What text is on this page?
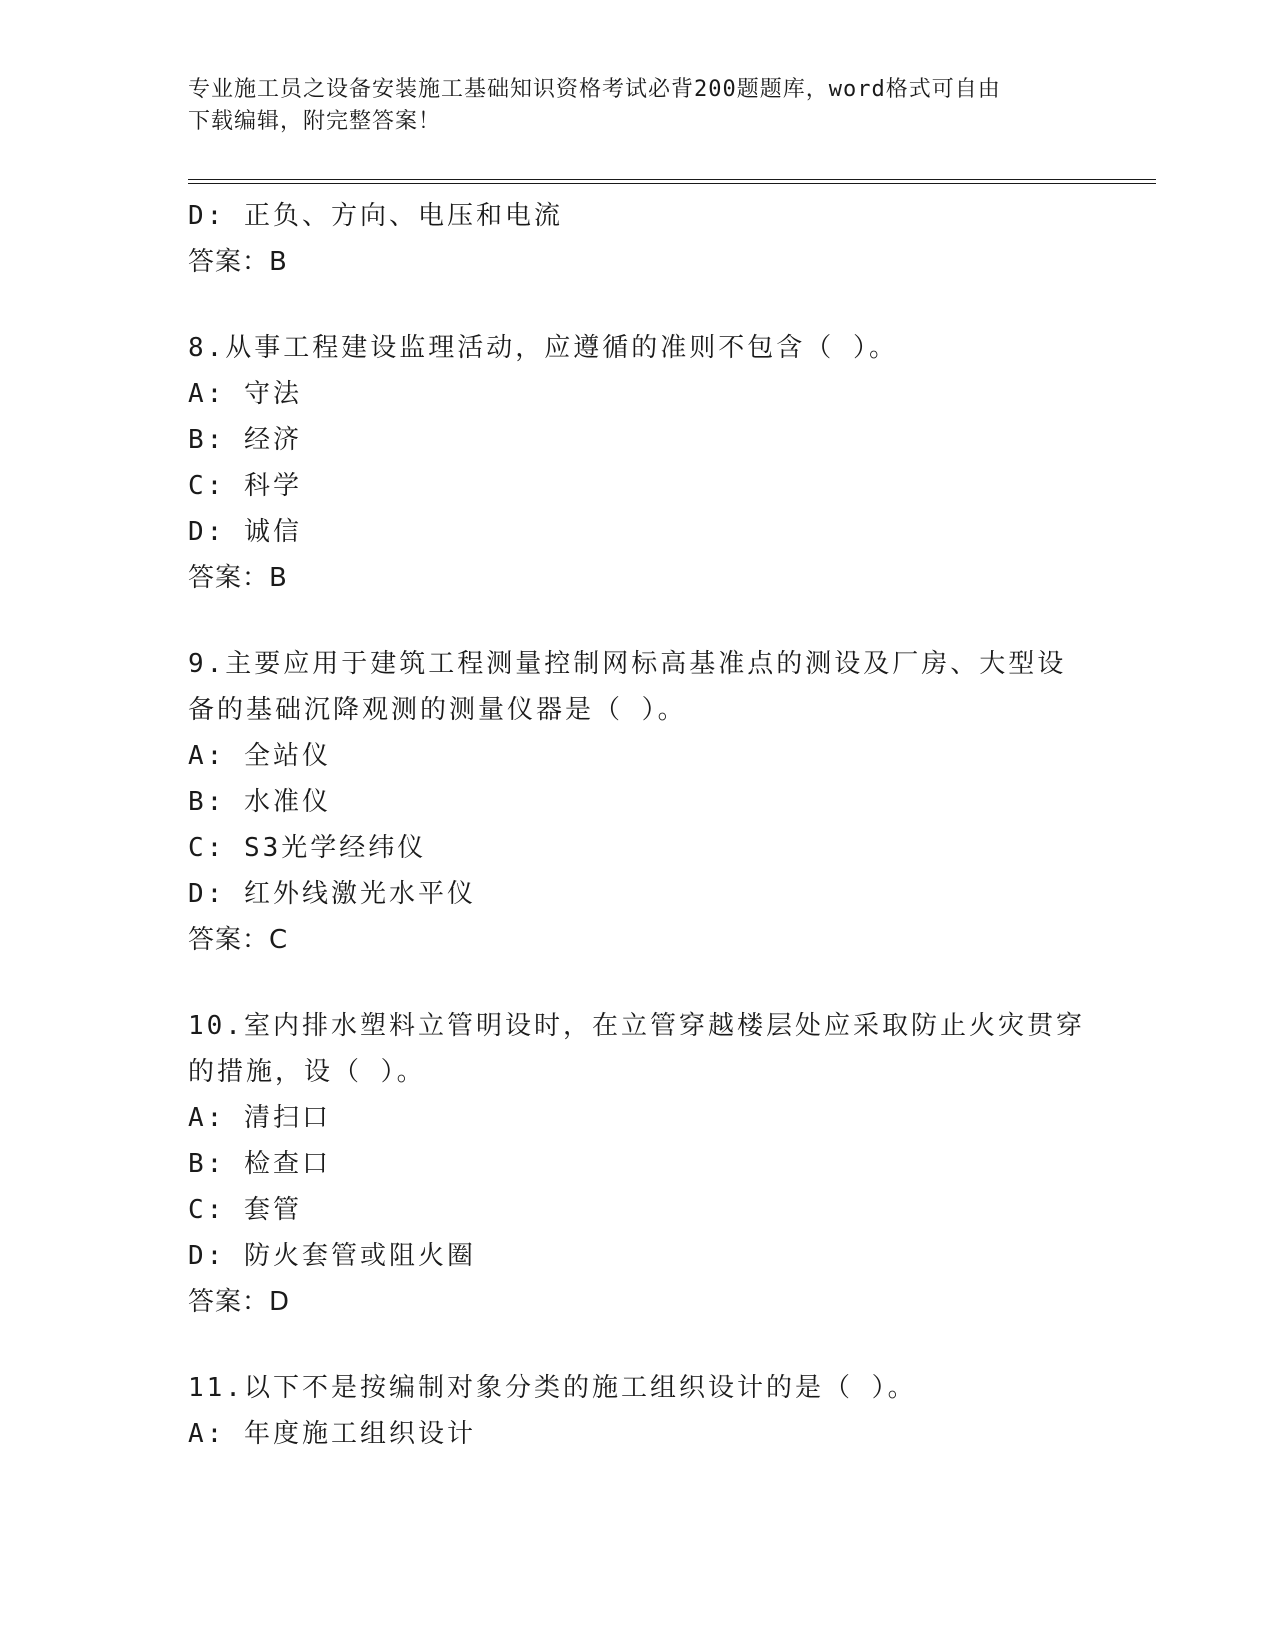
专业施工员之设备安装施工基础知识资格考试必背200题题库，word格式可自由
下载编辑，附完整答案！
D: 正负、方向、电压和电流
答案：B
8.从事工程建设监理活动，应遵循的准则不包含（ ）。
A: 守法
B: 经济
C: 科学
D: 诚信
答案：B
9.主要应用于建筑工程测量控制网标高基准点的测设及厂房、大型设
备的基础沉降观测的测量仪器是（ ）。
A: 全站仪
B: 水准仪
C: S3光学经纬仪
D: 红外线激光水平仪
答案：C
10.室内排水塑料立管明设时，在立管穿越楼层处应采取防止火灾贯穿
的措施，设（ ）。
A: 清扫口
B: 检查口
C: 套管
D: 防火套管或阻火圈
答案：D
11.以下不是按编制对象分类的施工组织设计的是（ ）。
A: 年度施工组织设计
